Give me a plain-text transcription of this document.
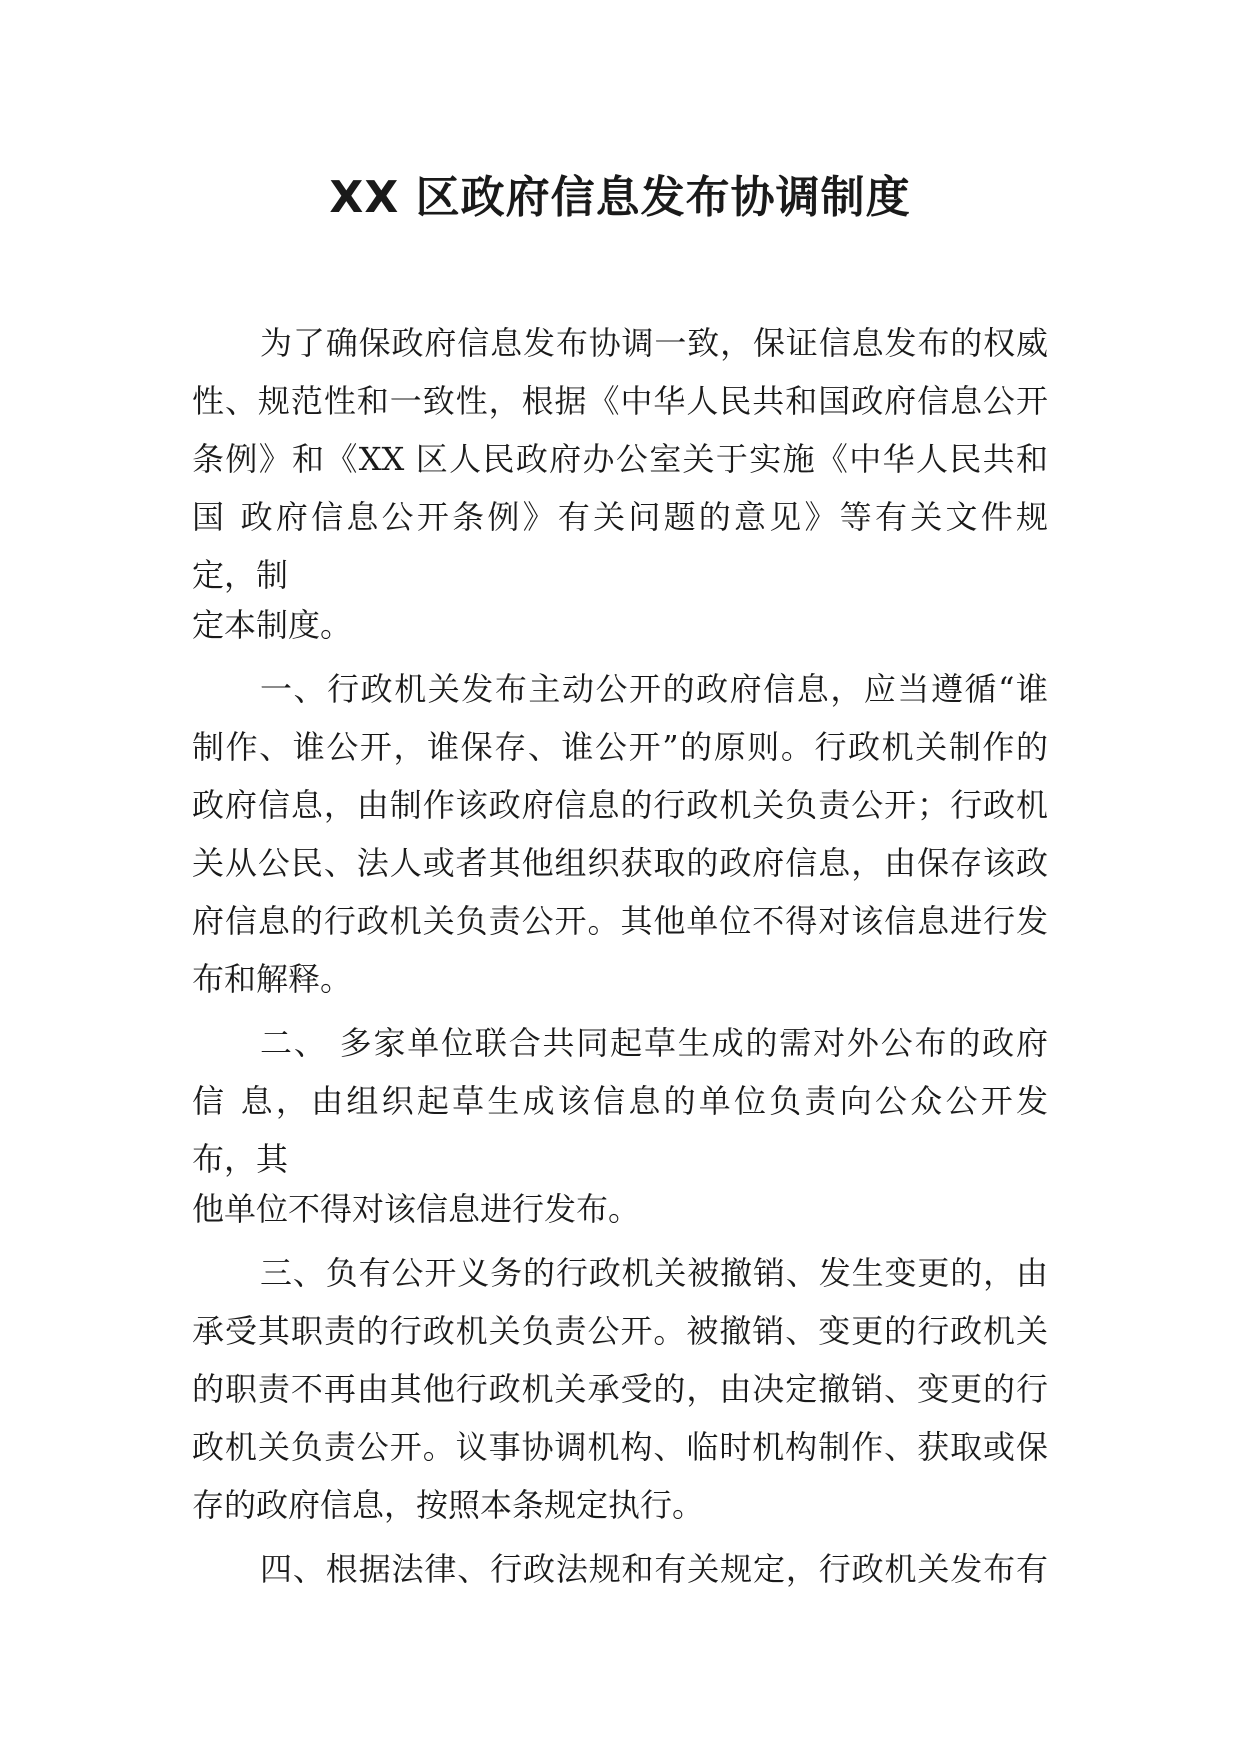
XX 区政府信息发布协调制度
为了确保政府信息发布协调一致，保证信息发布的权威
性、规范性和一致性，根据《中华人民共和国政府信息公开
条例》和《XX 区人民政府办公室关于实施《中华人民共和
国 政府信息公开条例》有关问题的意见》等有关文件规
定，制
定本制度。
一、行政机关发布主动公开的政府信息，应当遵循“谁
制作、谁公开，谁保存、谁公开”的原则。行政机关制作的
政府信息，由制作该政府信息的行政机关负责公开；行政机
关从公民、法人或者其他组织获取的政府信息，由保存该政
府信息的行政机关负责公开。其他单位不得对该信息进行发
布和解释。
二、 多家单位联合共同起草生成的需对外公布的政府
信 息，由组织起草生成该信息的单位负责向公众公开发
布，其
他单位不得对该信息进行发布。
三、负有公开义务的行政机关被撤销、发生变更的，由
承受其职责的行政机关负责公开。被撤销、变更的行政机关
的职责不再由其他行政机关承受的，由决定撤销、变更的行
政机关负责公开。议事协调机构、临时机构制作、获取或保
存的政府信息，按照本条规定执行。
四、根据法律、行政法规和有关规定，行政机关发布有
